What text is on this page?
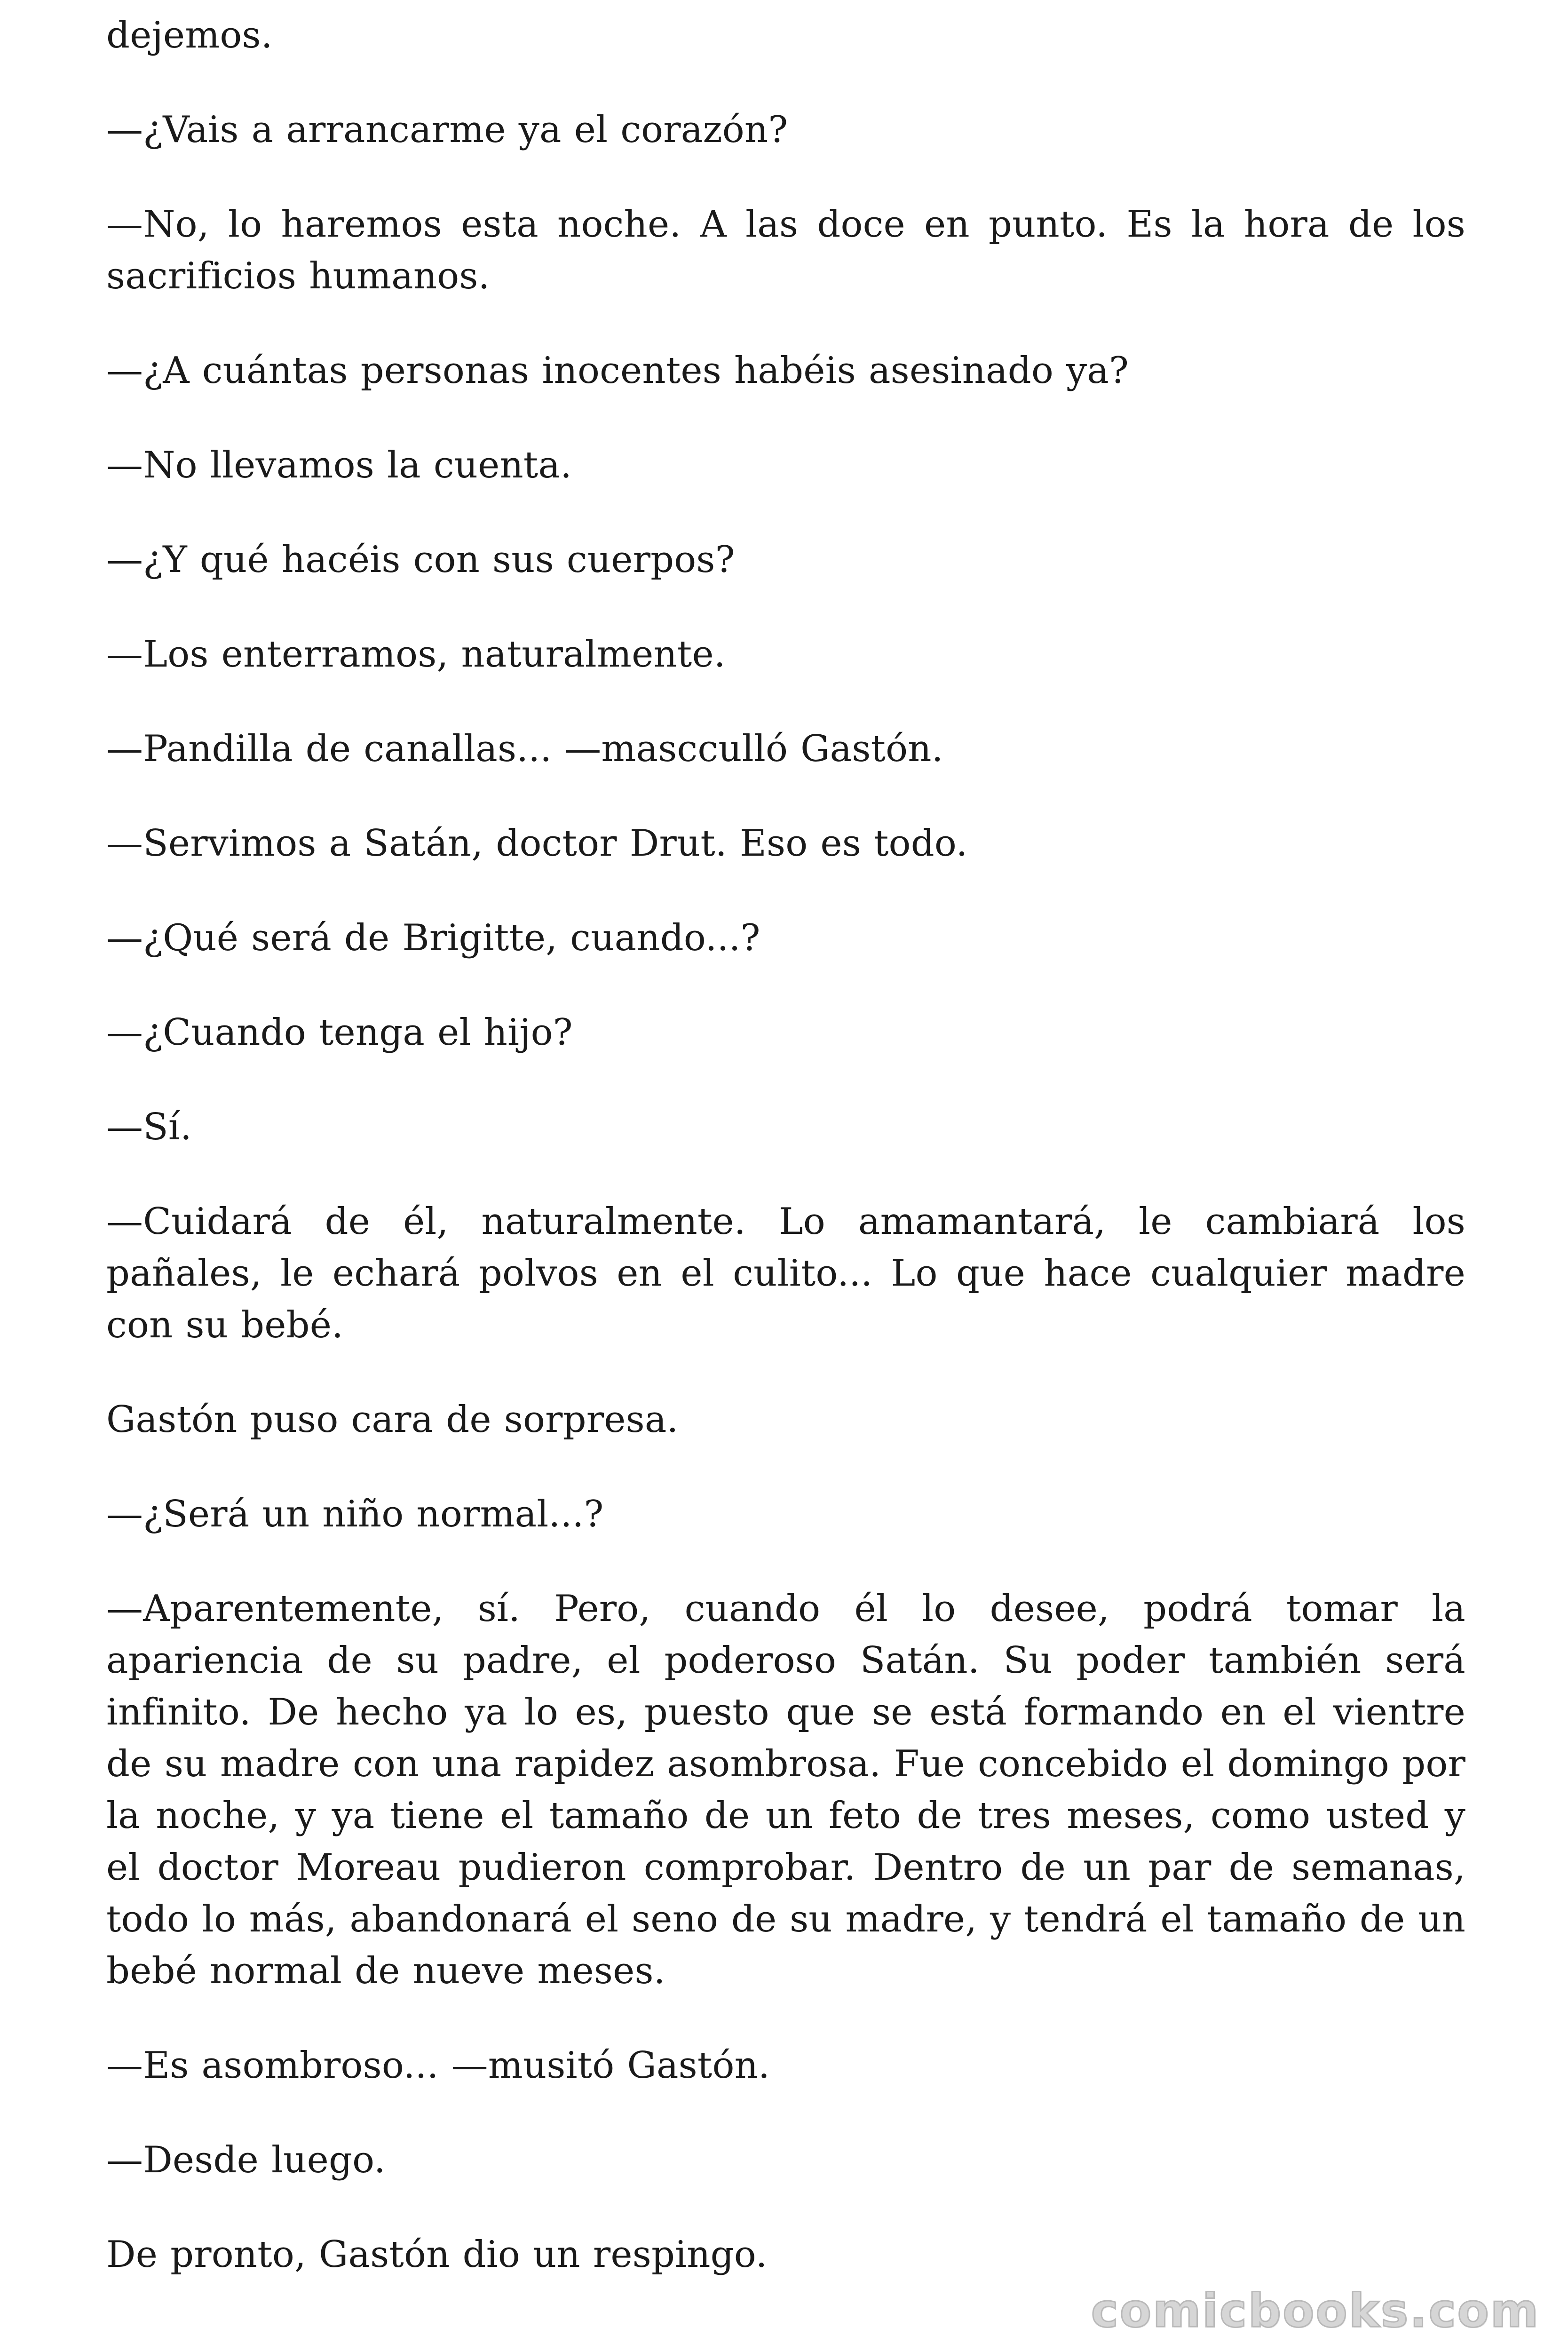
dejemos.

—¿Vais a arrancarme ya el corazón?

—No, lo haremos esta noche. A las doce en punto. Es la hora de los sacrificios humanos.

—¿A cuántas personas inocentes habéis asesinado ya?

—No llevamos la cuenta.

—¿Y qué hacéis con sus cuerpos?

—Los enterramos, naturalmente.

—Pandilla de canallas... —mascculló Gastón.

—Servimos a Satán, doctor Drut. Eso es todo.

—¿Qué será de Brigitte, cuando...?

—¿Cuando tenga el hijo?

—Sí.

—Cuidará de él, naturalmente. Lo amamantará, le cambiará los pañales, le echará polvos en el culito... Lo que hace cualquier madre con su bebé.

Gastón puso cara de sorpresa.

—¿Será un niño normal...?

—Aparentemente, sí. Pero, cuando él lo desee, podrá tomar la apariencia de su padre, el poderoso Satán. Su poder también será infinito. De hecho ya lo es, puesto que se está formando en el vientre de su madre con una rapidez asombrosa. Fue concebido el domingo por la noche, y ya tiene el tamaño de un feto de tres meses, como usted y el doctor Moreau pudieron comprobar. Dentro de un par de semanas, todo lo más, abandonará el seno de su madre, y tendrá el tamaño de un bebé normal de nueve meses.

—Es asombroso... —musitó Gastón.

—Desde luego.

De pronto, Gastón dio un respingo.

comicbooks.com
